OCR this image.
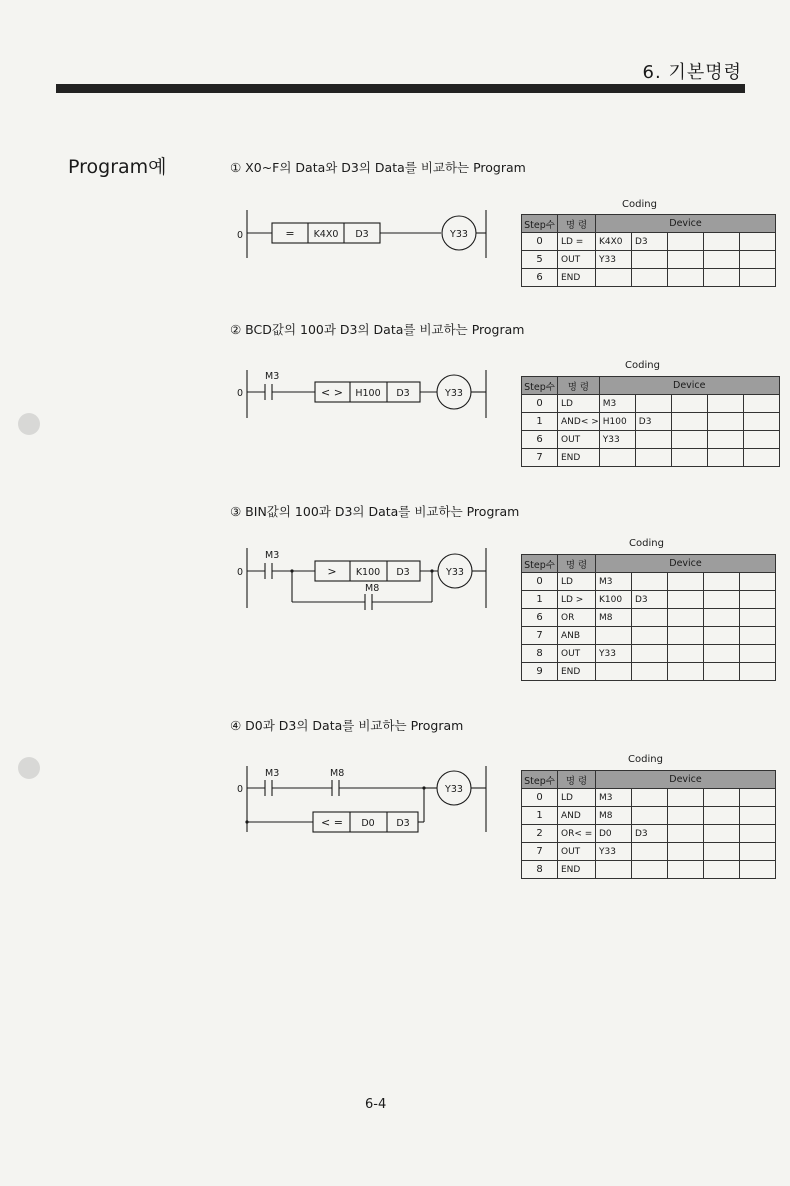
6. 기본명령
Program예	① X0~F의 Data와 D3의 Data를 비교하는 Program
0	= K4X0 D3	Y33
Coding
Step수	명 령	Device				
0	LD =	K4X0	D3			
5	OUT	Y33				
6	END					
② BCD값의 100과 D3의 Data를 비교하는 Program
0
M3
< > H100 D3	Y33
Coding
Step수	명 령	Device				
0	LD	M3				
1	AND< >	H100	D3			
6	OUT	Y33				
7	END					
③ BIN값의 100과 D3의 Data를 비교하는 Program
0
M3
M8
> K100 D3	Y33
Coding
Step수	명 령	Device				
0	LD	M3				
1	LD >	K100	D3			
6	OR	M8				
7	ANB					
8	OUT	Y33				
9	END					
④ D0과 D3의 Data를 비교하는 Program
0
M3	M8
< = D0 D3
Y33
Coding
Step수	명 령	Device				
0	LD	M3				
1	AND	M8				
2	OR< =	D0	D3			
7	OUT	Y33				
8	END					
6-4
